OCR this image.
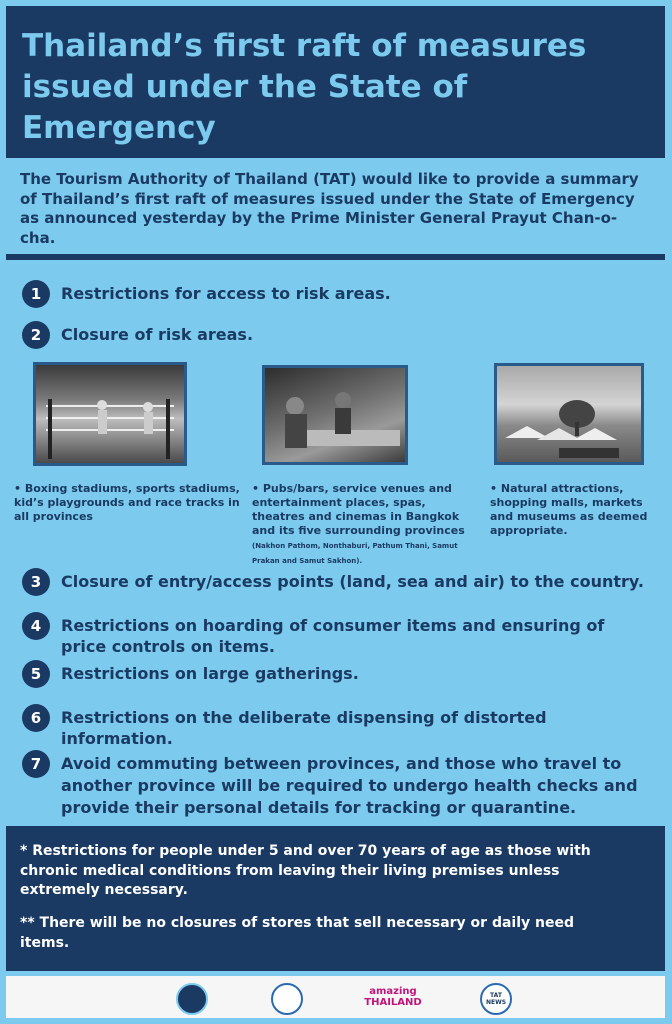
Thailand’s first raft of measures issued under the State of Emergency
The Tourism Authority of Thailand (TAT) would like to provide a summary of Thailand’s first raft of measures issued under the State of Emergency as announced yesterday by the Prime Minister General Prayut Chan-o-cha.
1	Restrictions for access to risk areas.
2	Closure of risk areas.
• Boxing stadiums, sports stadiums, kid’s playgrounds and race tracks in all provinces
• Pubs/bars, service venues and entertainment places, spas, theatres and cinemas in Bangkok and its five surrounding provinces (Nakhon Pathom, Nonthaburi, Pathum Thani, Samut Prakan and Samut Sakhon).
• Natural attractions, shopping malls, markets and museums as deemed appropriate.
3	Closure of entry/access points (land, sea and air) to the country.
4	Restrictions on hoarding of consumer items and ensuring of price controls on items.
5	Restrictions on large gatherings.
6	Restrictions on the deliberate dispensing of distorted information.
7	Avoid commuting between provinces, and those who travel to another province will be required to undergo health checks and provide their personal details for tracking or quarantine.

* Restrictions for people under 5 and over 70 years of age as those with chronic medical conditions from leaving their living premises unless extremely necessary.

** There will be no closures of stores that sell necessary or daily need items.

amazing THAILAND
TAT NEWS
